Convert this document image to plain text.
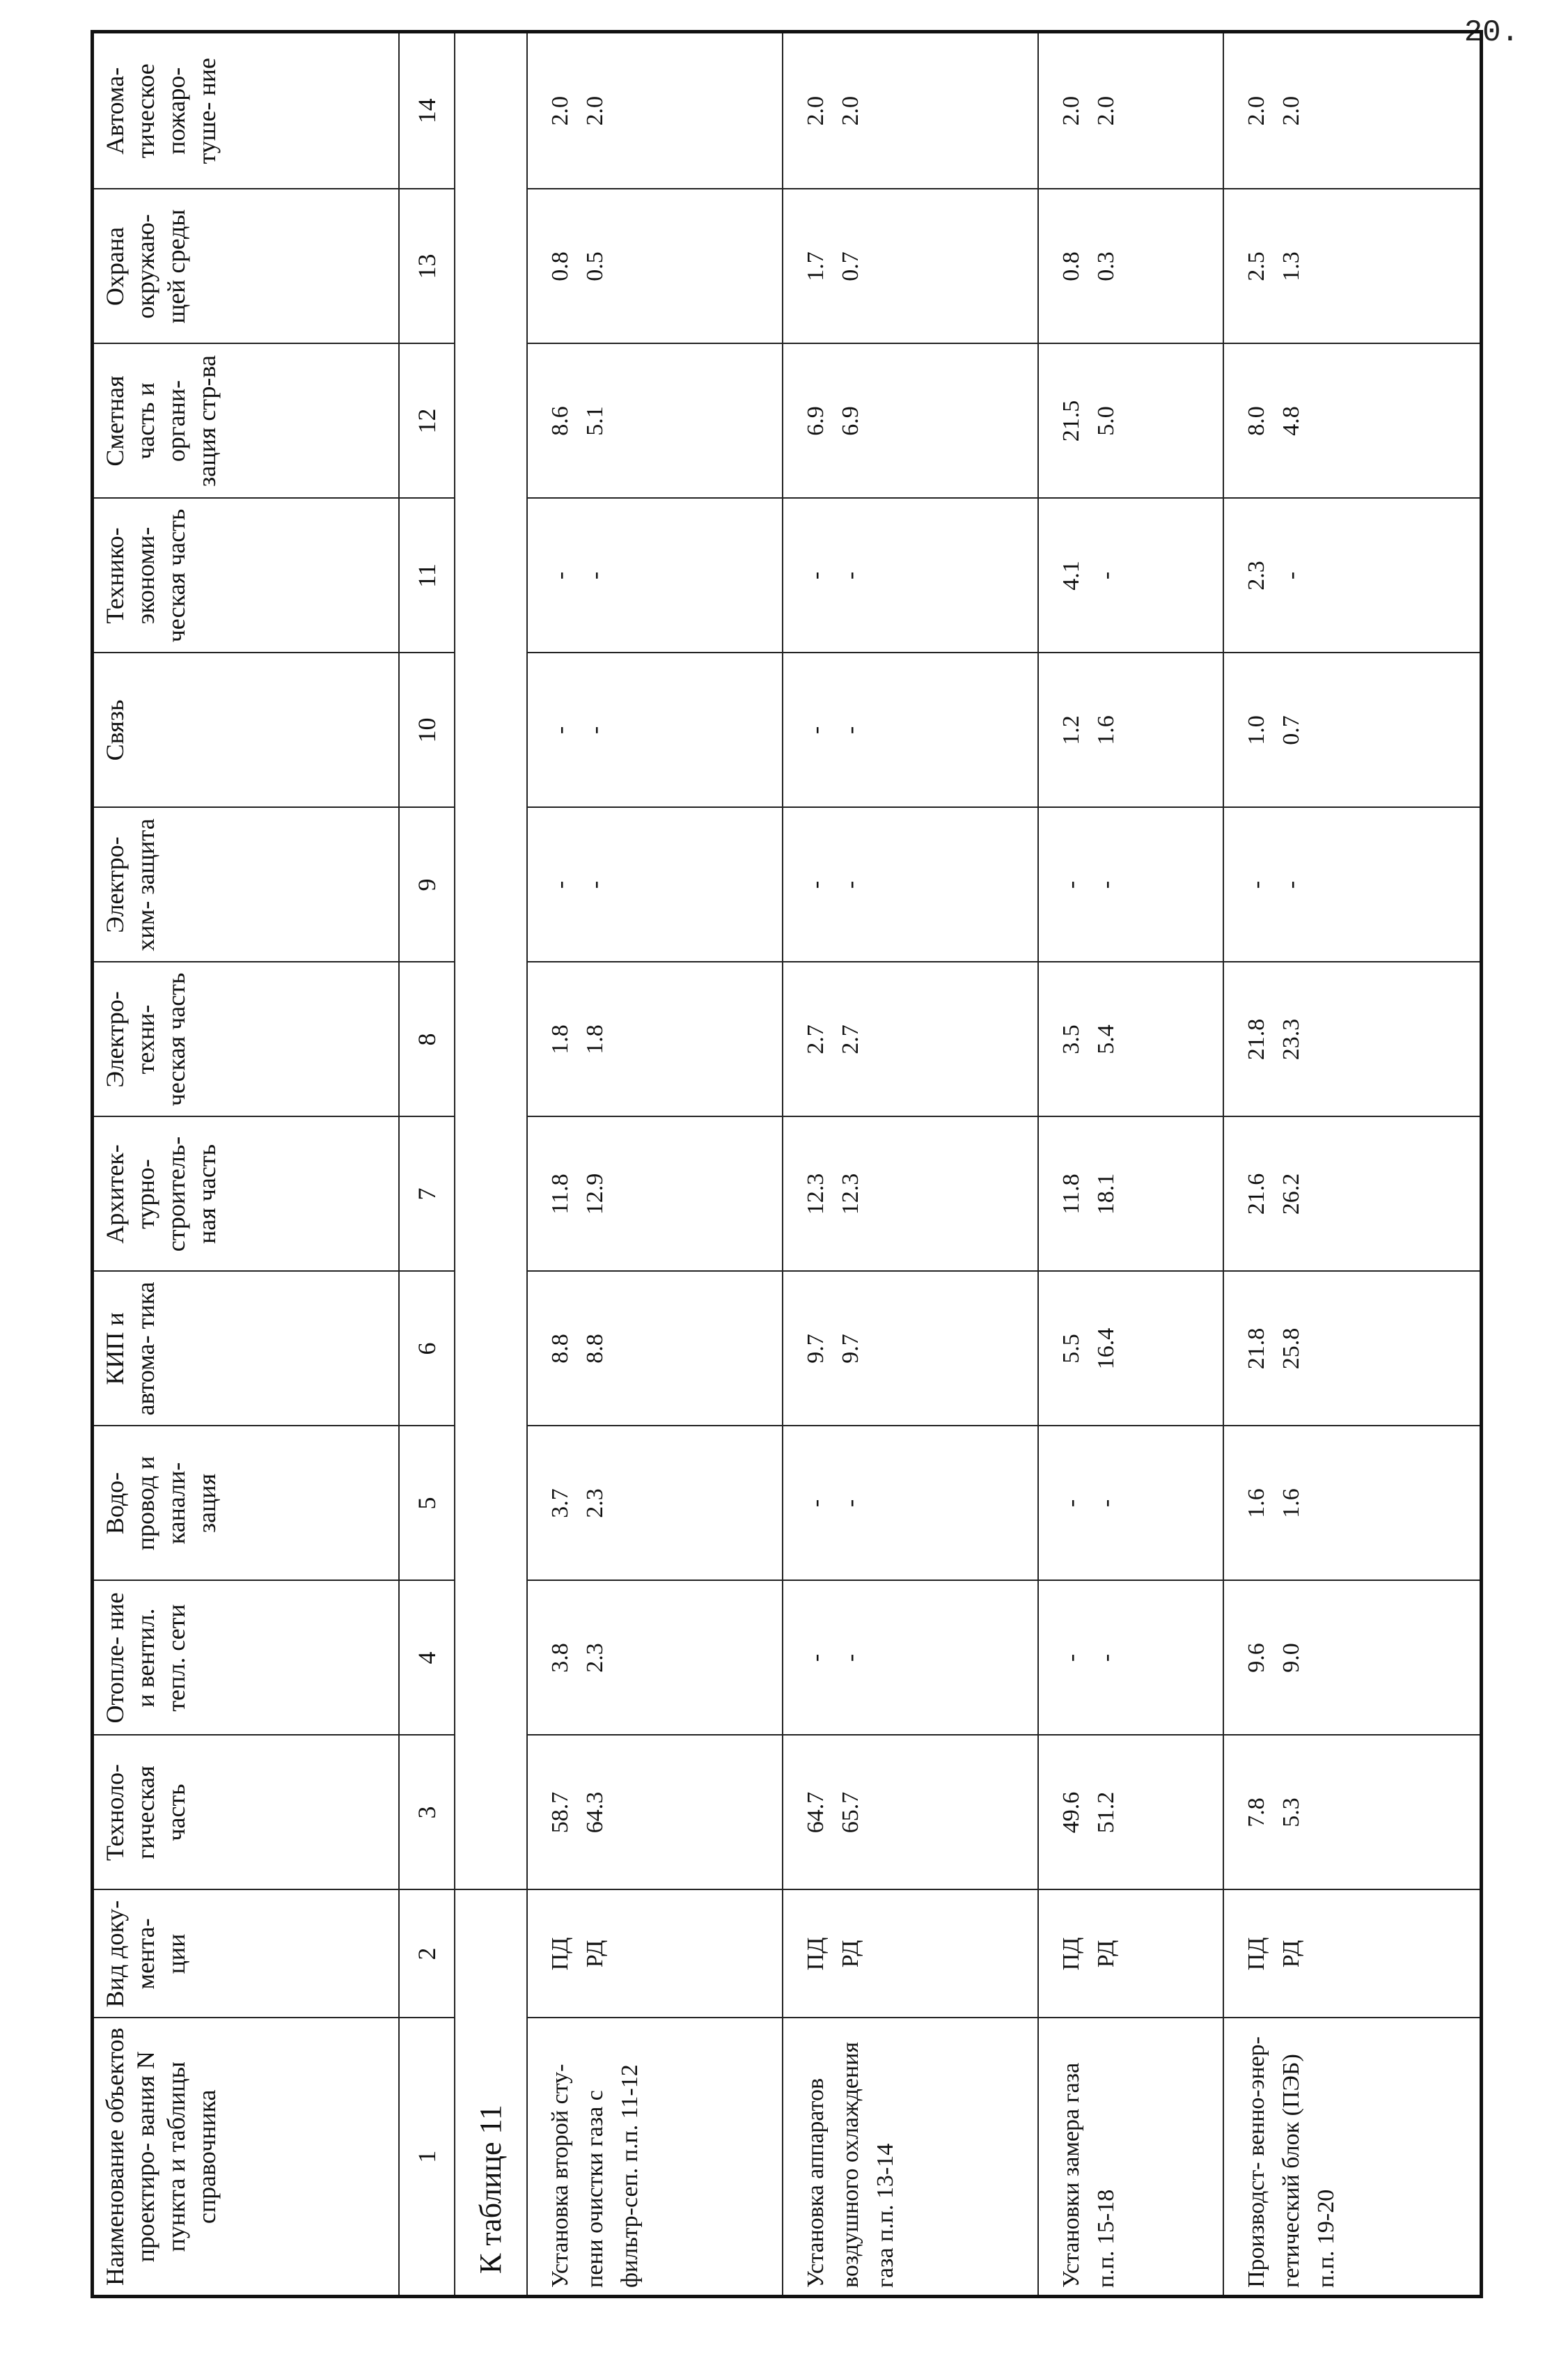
20.
Наименование объектов проектиро- вания N пункта и таблицы справочника	Вид доку- мента- ции	Техноло- гическая часть	Отопле- ние и вентил. тепл. сети	Водо- провод и канали- зация	КИП и автома- тика	Архитек- турно- строитель- ная часть	Электро- техни- ческая часть	Электро- хим- защита	Связь	Технико- экономи- ческая часть	Сметная часть и органи- зация стр-ва	Охрана окружаю- щей среды	Автома- тическое пожаро- туше- ние
1	2	3	4	5	6	7	8	9	10	11	12	13	14
К таблице 11													
Установка второй сту- пени очистки газа с фильтр-сеп. п.п. 11-12	ПД РД	58.7 64.3	3.8 2.3	3.7 2.3	8.8 8.8	11.8 12.9	1.8 1.8	- -	- -	- -	8.6 5.1	0.8 0.5	2.0 2.0

Установка аппаратов воздушного охлаждения газа п.п. 13-14	ПД РД	64.7 65.7	- -	- -	9.7 9.7	12.3 12.3	2.7 2.7	- -	- -	- -	6.9 6.9	1.7 0.7	2.0 2.0

Установки замера газа п.п. 15-18	ПД РД	49.6 51.2	- -	- -	5.5 16.4	11.8 18.1	3.5 5.4	- -	1.2 1.6	4.1 -	21.5 5.0	0.8 0.3	2.0 2.0

Производст- венно-энер- гетический блок (ПЭБ) п.п. 19-20	ПД РД	7.8 5.3	9.6 9.0	1.6 1.6	21.8 25.8	21.6 26.2	21.8 23.3	- -	1.0 0.7	2.3 -	8.0 4.8	2.5 1.3	2.0 2.0
